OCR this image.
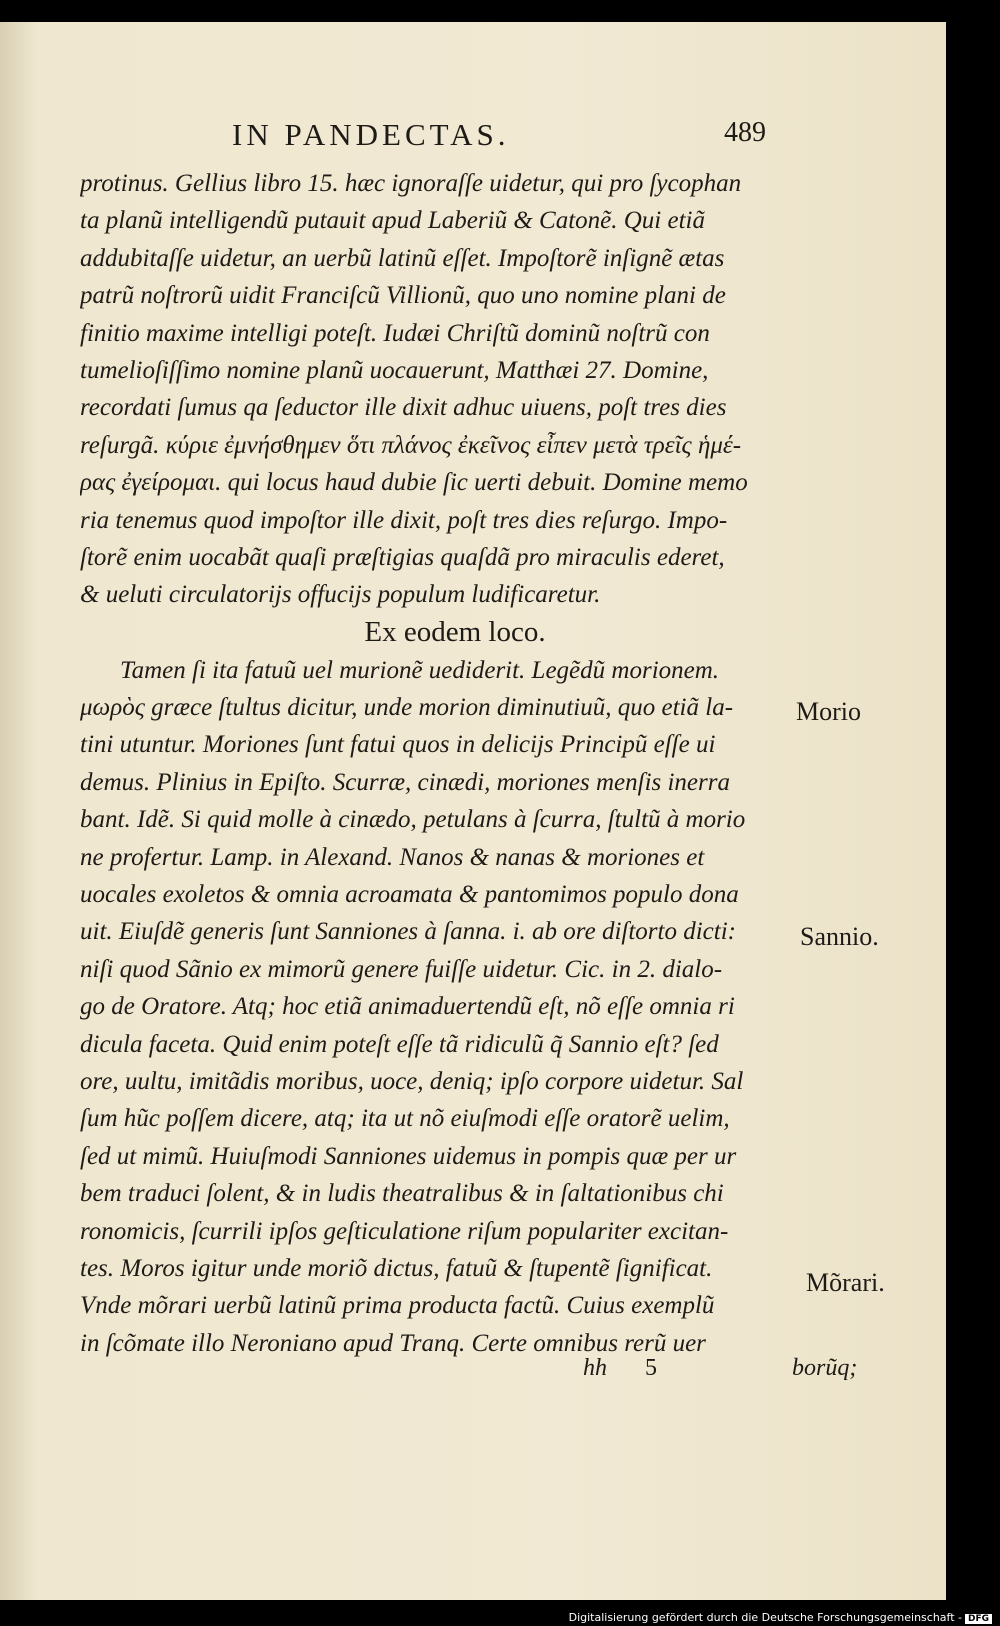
IN PANDECTAS.	489
protinus. Gellius libro 15. hæc ignoraſſe uidetur, qui pro ſycophan
ta planũ intelligendũ putauit apud Laberiũ & Catonẽ. Qui etiã
addubitaſſe uidetur, an uerbũ latinũ eſſet. Impoſtorẽ inſignẽ ætas
patrũ noſtrorũ uidit Franciſcũ Villionũ, quo uno nomine plani de
finitio maxime intelligi poteſt. Iudæi Chriſtũ dominũ noſtrũ con
tumelioſiſſimo nomine planũ uocauerunt, Matthæi 27. Domine,
recordati ſumus qa ſeductor ille dixit adhuc uiuens, poſt tres dies
reſurgã. κύριε ἐμνήσθημεν ὅτι πλάνος ἐκεῖνος εἶπεν μετὰ τρεῖς ἡμέ-
ρας ἐγείρομαι. qui locus haud dubie ſic uerti debuit. Domine memo
ria tenemus quod impoſtor ille dixit, poſt tres dies reſurgo. Impo-
ſtorẽ enim uocabãt quaſi præſtigias quaſdã pro miraculis ederet,
& ueluti circulatorijs offucijs populum ludificaretur.
Ex eodem loco.
Tamen ſi ita fatuũ uel murionẽ uediderit. Legẽdũ morionem.
μωρὸς græce ſtultus dicitur, unde morion diminutiuũ, quo etiã la-
tini utuntur. Moriones ſunt fatui quos in delicijs Principũ eſſe ui
demus. Plinius in Epiſto. Scurræ, cinædi, moriones menſis inerra
bant. Idẽ. Si quid molle à cinædo, petulans à ſcurra, ſtultũ à morio
ne profertur. Lamp. in Alexand. Nanos & nanas & moriones et
uocales exoletos & omnia acroamata & pantomimos populo dona
uit. Eiuſdẽ generis ſunt Sanniones à ſanna. i. ab ore diſtorto dicti:
niſi quod Sãnio ex mimorũ genere fuiſſe uidetur. Cic. in 2. dialo-
go de Oratore. Atq; hoc etiã animaduertendũ eſt, nõ eſſe omnia ri
dicula faceta. Quid enim poteſt eſſe tã ridiculũ q̃ Sannio eſt? ſed
ore, uultu, imitãdis moribus, uoce, deniq; ipſo corpore uidetur. Sal
ſum hũc poſſem dicere, atq; ita ut nõ eiuſmodi eſſe oratorẽ uelim,
ſed ut mimũ. Huiuſmodi Sanniones uidemus in pompis quæ per ur
bem traduci ſolent, & in ludis theatralibus & in ſaltationibus chi
ronomicis, ſcurrili ipſos geſticulatione riſum populariter excitan-
tes. Moros igitur unde moriõ dictus, fatuũ & ſtupentẽ ſignificat.
Vnde mõrari uerbũ latinũ prima producta factũ. Cuius exemplũ
in ſcõmate illo Neroniano apud Tranq. Certe omnibus rerũ uer
Morio
Sannio.
Mõrari.
hh 5	borũq;
Digitalisierung gefördert durch die Deutsche Forschungsgemeinschaft - DFG
